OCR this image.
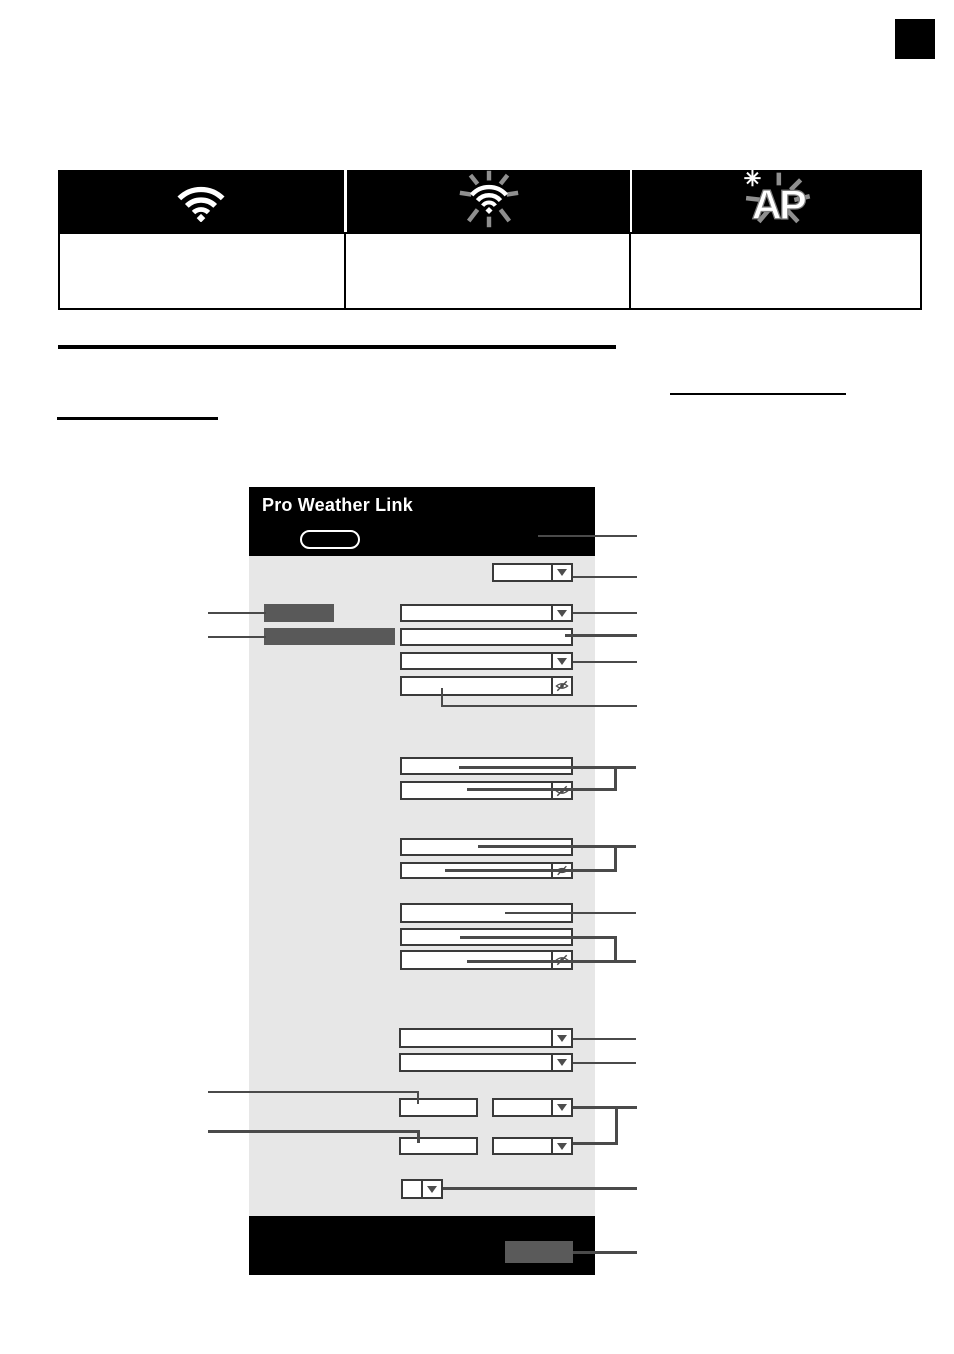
AP
Pro Weather Link
